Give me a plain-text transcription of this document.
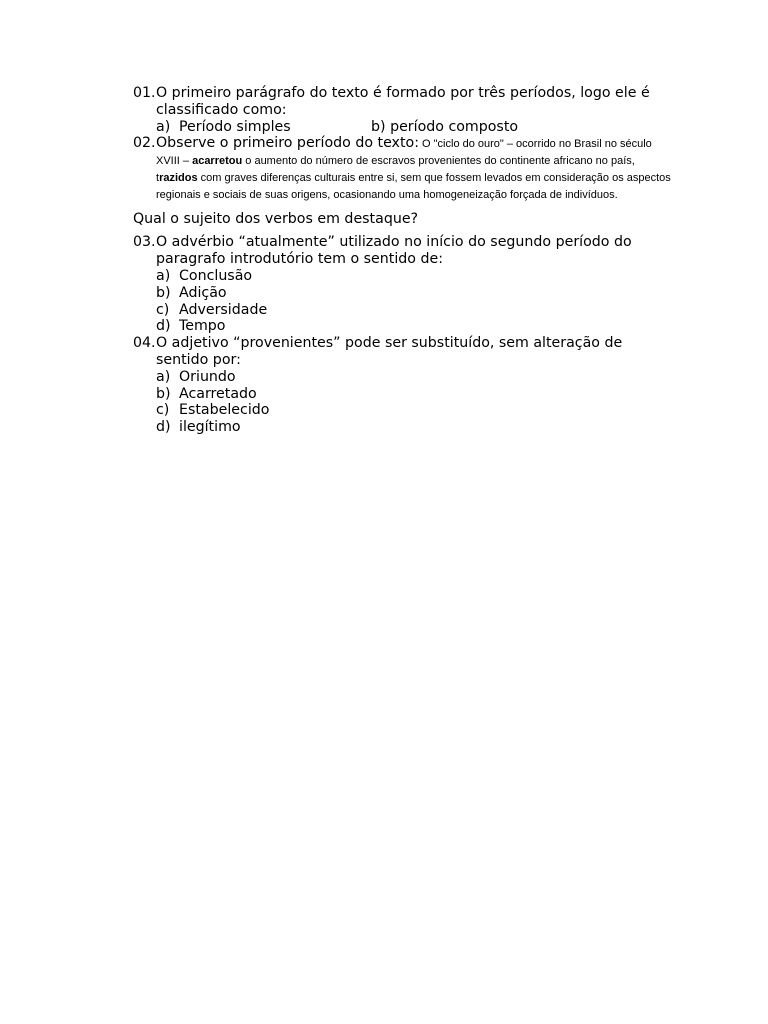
01. O primeiro parágrafo do texto é formado por três períodos, logo ele é classificado como:
a) Período simples	b) período composto
02. Observe o primeiro período do texto: O "ciclo do ouro" – ocorrido no Brasil no século XVIII – acarretou o aumento do número de escravos provenientes do continente africano no país, trazidos com graves diferenças culturais entre si, sem que fossem levados em consideração os aspectos regionais e sociais de suas origens, ocasionando uma homogeneização forçada de indivíduos.
Qual o sujeito dos verbos em destaque?
03. O advérbio “atualmente” utilizado no início do segundo período do paragrafo introdutório tem o sentido de:
a) Conclusão
b) Adição
c) Adversidade
d) Tempo
04. O adjetivo “provenientes” pode ser substituído, sem alteração de sentido por:
a) Oriundo
b) Acarretado
c) Estabelecido
d) ilegítimo
